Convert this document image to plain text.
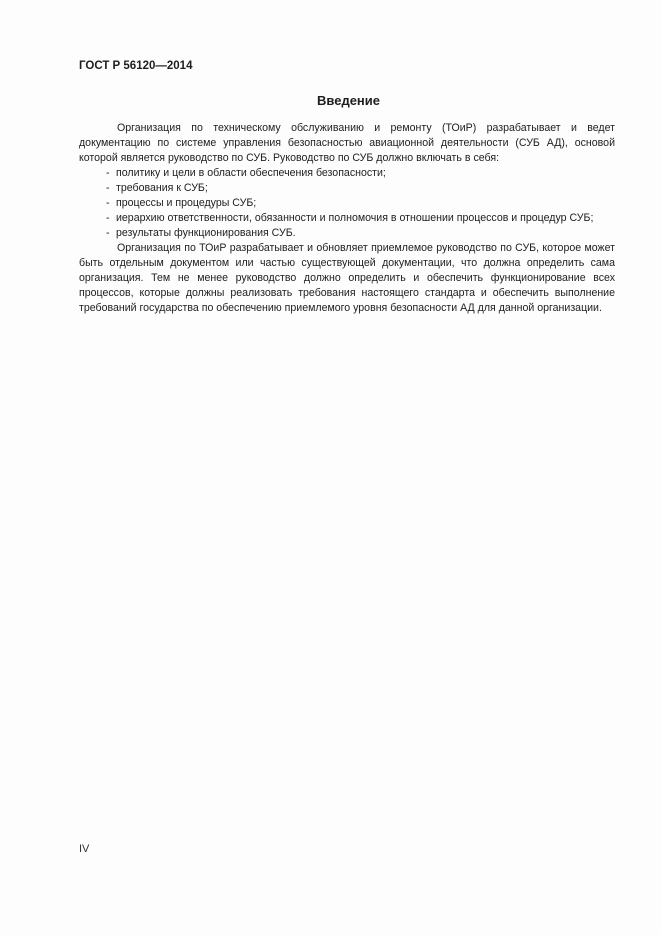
ГОСТ Р 56120—2014
Введение

Организация по техническому обслуживанию и ремонту (ТОиР) разрабатывает и ведет документацию по системе управления безопасностью авиационной деятельности (СУБ АД), основой которой является руководство по СУБ. Руководство по СУБ должно включать в себя:

- политику и цели в области обеспечения безопасности;
- требования к СУБ;
- процессы и процедуры СУБ;
- иерархию ответственности, обязанности и полномочия в отношении процессов и процедур СУБ;
- результаты функционирования СУБ.

Организация по ТОиР разрабатывает и обновляет приемлемое руководство по СУБ, которое может быть отдельным документом или частью существующей документации, что должна определить сама организация. Тем не менее руководство должно определить и обеспечить функционирование всех процессов, которые должны реализовать требования настоящего стандарта и обеспечить выполнение требований государства по обеспечению приемлемого уровня безопасности АД для данной организации.

IV
